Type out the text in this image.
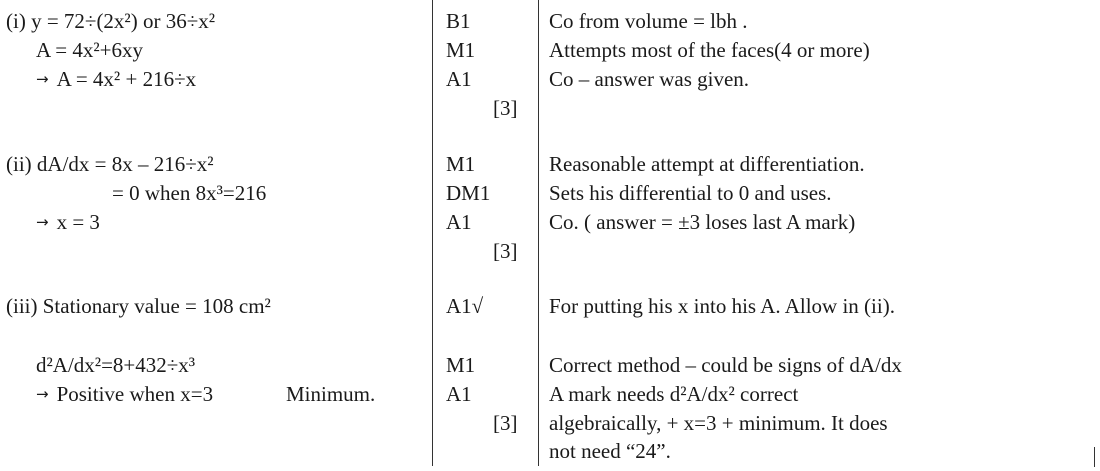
(i) y = 72÷(2x²) or 36÷x²
A = 4x²+6xy
→ A = 4x² + 216÷x
B1
M1
A1
[3]
Co from volume = lbh .
Attempts most of the faces(4 or more)
Co – answer was given.
(ii) dA/dx = 8x – 216÷x²
= 0 when 8x³=216
→ x = 3
M1
DM1
A1
[3]
Reasonable attempt at differentiation.
Sets his differential to 0 and uses.
Co. ( answer = ±3 loses last A mark)
(iii) Stationary value = 108 cm²
d²A/dx²=8+432÷x³
→ Positive when x=3	Minimum.
A1√
M1
A1
[3]
For putting his x into his A. Allow in (ii).
Correct method – could be signs of dA/dx
A mark needs d²A/dx² correct
algebraically, + x=3 + minimum. It does
not need “24”.
